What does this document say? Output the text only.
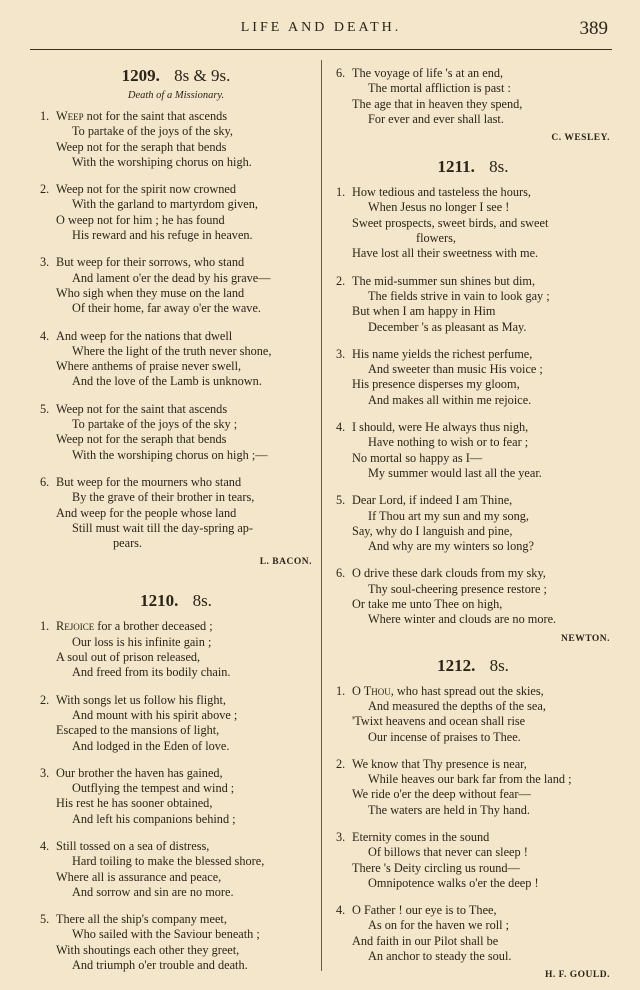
LIFE AND DEATH.	389
1209. 8s & 9s.
Death of a Missionary.
1. Weep not for the saint that ascends
To partake of the joys of the sky,
Weep not for the seraph that bends
With the worshiping chorus on high.
2. Weep not for the spirit now crowned
With the garland to martyrdom given,
O weep not for him ; he has found
His reward and his refuge in heaven.
3. But weep for their sorrows, who stand
And lament o'er the dead by his grave—
Who sigh when they muse on the land
Of their home, far away o'er the wave.
4. And weep for the nations that dwell
Where the light of the truth never shone,
Where anthems of praise never swell,
And the love of the Lamb is unknown.
5. Weep not for the saint that ascends
To partake of the joys of the sky ;
Weep not for the seraph that bends
With the worshiping chorus on high ;—
6. But weep for the mourners who stand
By the grave of their brother in tears,
And weep for the people whose land
Still must wait till the day-spring ap-
pears.
L. BACON.
1210. 8s.
1. Rejoice for a brother deceased ;
Our loss is his infinite gain ;
A soul out of prison released,
And freed from its bodily chain.
2. With songs let us follow his flight,
And mount with his spirit above ;
Escaped to the mansions of light,
And lodged in the Eden of love.
3. Our brother the haven has gained,
Outflying the tempest and wind ;
His rest he has sooner obtained,
And left his companions behind ;
4. Still tossed on a sea of distress,
Hard toiling to make the blessed shore,
Where all is assurance and peace,
And sorrow and sin are no more.
5. There all the ship's company meet,
Who sailed with the Saviour beneath ;
With shoutings each other they greet,
And triumph o'er trouble and death.
6. The voyage of life 's at an end,
The mortal affliction is past :
The age that in heaven they spend,
For ever and ever shall last.
C. WESLEY.
1211. 8s.
1. How tedious and tasteless the hours,
When Jesus no longer I see !
Sweet prospects, sweet birds, and sweet
flowers,
Have lost all their sweetness with me.
2. The mid-summer sun shines but dim,
The fields strive in vain to look gay ;
But when I am happy in Him
December 's as pleasant as May.
3. His name yields the richest perfume,
And sweeter than music His voice ;
His presence disperses my gloom,
And makes all within me rejoice.
4. I should, were He always thus nigh,
Have nothing to wish or to fear ;
No mortal so happy as I—
My summer would last all the year.
5. Dear Lord, if indeed I am Thine,
If Thou art my sun and my song,
Say, why do I languish and pine,
And why are my winters so long?
6. O drive these dark clouds from my sky,
Thy soul-cheering presence restore ;
Or take me unto Thee on high,
Where winter and clouds are no more.
NEWTON.
1212. 8s.
1. O Thou, who hast spread out the skies,
And measured the depths of the sea,
'Twixt heavens and ocean shall rise
Our incense of praises to Thee.
2. We know that Thy presence is near,
While heaves our bark far from the land ;
We ride o'er the deep without fear—
The waters are held in Thy hand.
3. Eternity comes in the sound
Of billows that never can sleep !
There 's Deity circling us round—
Omnipotence walks o'er the deep !
4. O Father ! our eye is to Thee,
As on for the haven we roll ;
And faith in our Pilot shall be
An anchor to steady the soul.
H. F. GOULD.
